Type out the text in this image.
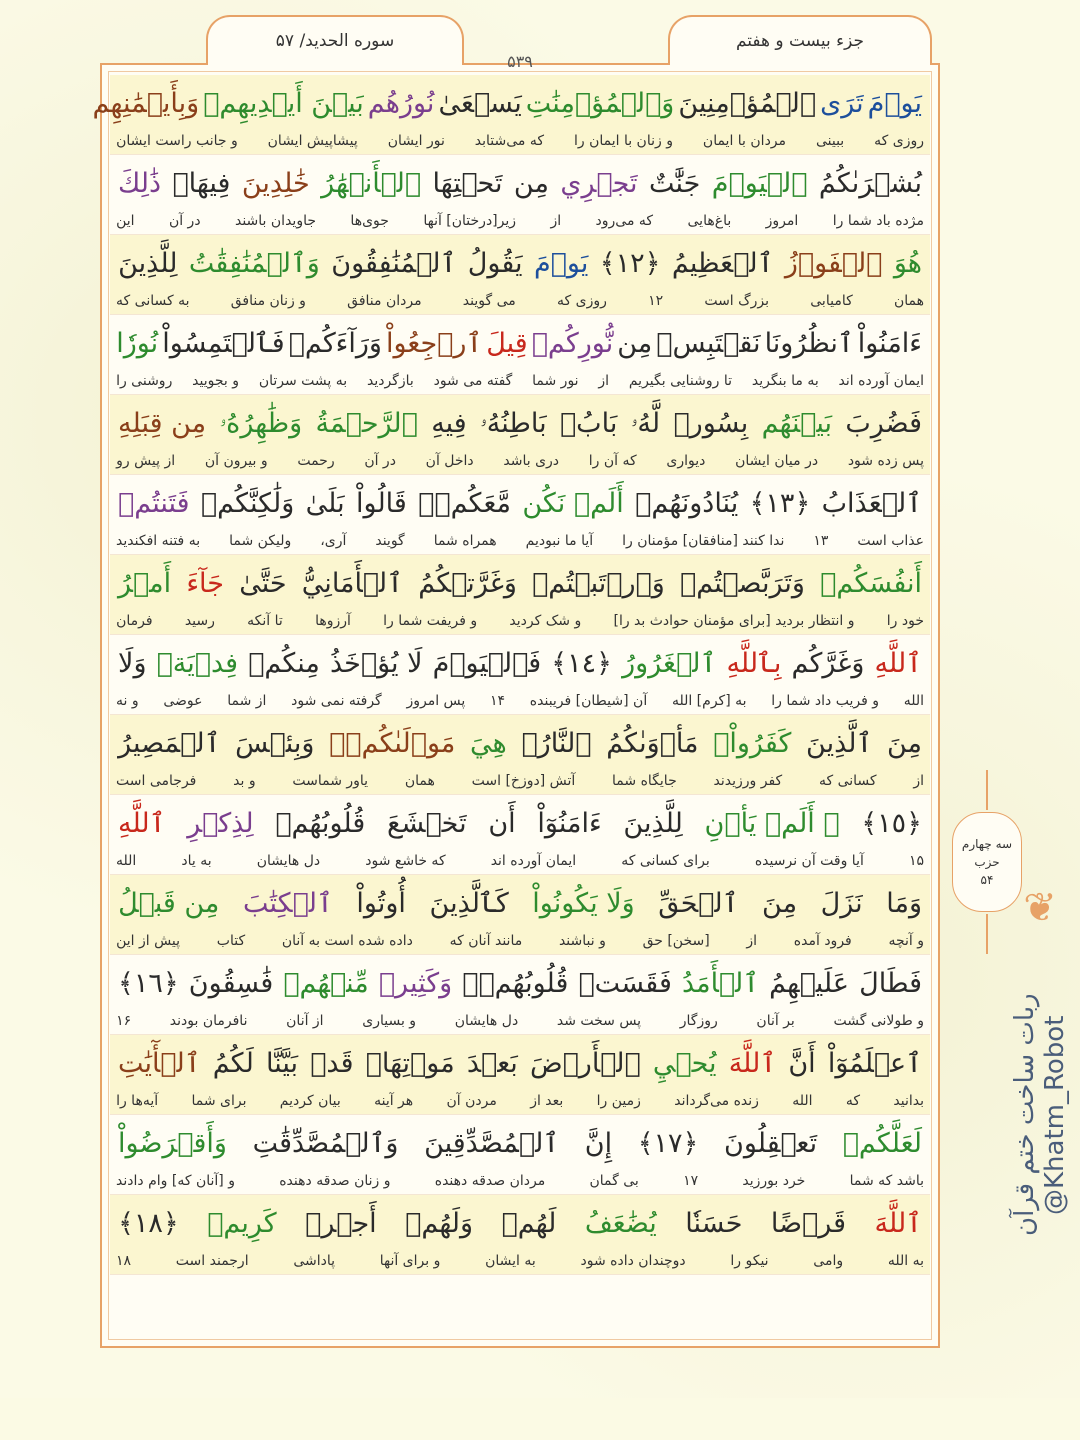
جزء بیست و هفتم
سوره الحدید/ ۵۷
۵۳۹
يَوۡمَ
تَرَى
ٱلۡمُؤۡمِنِينَ
وَٱلۡمُؤۡمِنَٰتِ
يَسۡعَىٰ
نُورُهُم
بَيۡنَ أَيۡدِيهِمۡ
وَبِأَيۡمَٰنِهِم
روزی که
ببینی
مردان با ایمان
و زنان با ایمان را
که می‌شتابد
نور ایشان
پیشاپیش ایشان
و جانب راست ایشان
بُشۡرَىٰكُمُ
ٱلۡيَوۡمَ
جَنَّٰتٌ
تَجۡرِي
مِن
تَحۡتِهَا
ٱلۡأَنۡهَٰرُ
خَٰلِدِينَ
فِيهَاۚ
ذَٰلِكَ
مژده باد شما را
امروز
باغ‌هایی
که می‌رود
از
زیر[درختان] آنها
جوی‌ها
جاویدان باشند
در آن
این
هُوَ
ٱلۡفَوۡزُ
ٱلۡعَظِيمُ
﴿١٢﴾
يَوۡمَ
يَقُولُ
ٱلۡمُنَٰفِقُونَ
وَٱلۡمُنَٰفِقَٰتُ
لِلَّذِينَ
همان
کامیابی
بزرگ است
۱۲
روزی که
می گویند
مردان منافق
و زنان منافق
به کسانی که
ءَامَنُواْ
ٱنظُرُونَا
نَقۡتَبِسۡ
مِن
نُّورِكُمۡ
قِيلَ
ٱرۡجِعُواْ
وَرَآءَكُمۡ
فَٱلۡتَمِسُواْ
نُورٗا
ایمان آورده اند
به ما بنگرید
تا روشنایی بگیریم
از
نور شما
گفته می شود
بازگردید
به پشت سرتان
و بجویید
روشنی را
فَضُرِبَ
بَيۡنَهُم
بِسُورٖ
لَّهُۥ
بَابُۢ
بَاطِنُهُۥ
فِيهِ
ٱلرَّحۡمَةُ
وَظَٰهِرُهُۥ
مِن قِبَلِهِ
پس زده شود
در میان ایشان
دیواری
که آن را
دری باشد
داخل آن
در آن
رحمت
و بیرون آن
از پیش رو
ٱلۡعَذَابُ
﴿١٣﴾
يُنَادُونَهُمۡ
أَلَمۡ نَكُن
مَّعَكُمۡۖ
قَالُواْ
بَلَىٰ
وَلَٰكِنَّكُمۡ
فَتَنتُمۡ
عذاب است
۱۳
ندا کنند [منافقان] مؤمنان را
آیا ما نبودیم
همراه شما
گویند
آری،
ولیکن شما
به فتنه افکندید
أَنفُسَكُمۡ
وَتَرَبَّصۡتُمۡ
وَٱرۡتَبۡتُمۡ
وَغَرَّتۡكُمُ
ٱلۡأَمَانِيُّ
حَتَّىٰ
جَآءَ
أَمۡرُ
خود را
و انتظار بردید [برای مؤمنان حوادث بد را]
و شک کردید
و فریفت شما را
آرزوها
تا آنکه
رسید
فرمان
ٱللَّهِ
وَغَرَّكُم
بِٱللَّهِ
ٱلۡغَرُورُ
﴿١٤﴾
فَٱلۡيَوۡمَ
لَا يُؤۡخَذُ
مِنكُمۡ
فِدۡيَةٞ
وَلَا
الله
و فریب داد شما را
به [کرم] الله
آن [شیطان] فریبنده
۱۴
پس امروز
گرفته نمی شود
از شما
عوضی
و نه
مِنَ
ٱلَّذِينَ
كَفَرُواْۚ
مَأۡوَىٰكُمُ
ٱلنَّارُۖ
هِيَ
مَوۡلَىٰكُمۡۖ
وَبِئۡسَ
ٱلۡمَصِيرُ
از
کسانی که
کفر ورزیدند
جایگاه شما
آتش [دوزخ] است
همان
یاور شماست
و بد
فرجامی است
﴿١٥﴾
۞ أَلَمۡ يَأۡنِ
لِلَّذِينَ
ءَامَنُوٓاْ
أَن
تَخۡشَعَ
قُلُوبُهُمۡ
لِذِكۡرِ
ٱللَّهِ
۱۵
آیا وقت آن نرسیده
برای کسانی که
ایمان آورده اند
که خاشع شود
دل هایشان
به یاد
الله
وَمَا
نَزَلَ
مِنَ
ٱلۡحَقِّ
وَلَا يَكُونُواْ
كَٱلَّذِينَ
أُوتُواْ
ٱلۡكِتَٰبَ
مِن قَبۡلُ
و آنچه
فرود آمده
از
[سخن] حق
و نباشند
مانند آنان که
داده شده است به آنان
کتاب
پیش از این
فَطَالَ
عَلَيۡهِمُ
ٱلۡأَمَدُ
فَقَسَتۡ
قُلُوبُهُمۡۖ
وَكَثِيرٞ
مِّنۡهُمۡ
فَٰسِقُونَ
﴿١٦﴾
و طولانی گشت
بر آنان
روزگار
پس سخت شد
دل هایشان
و بسیاری
از آنان
نافرمان بودند
۱۶
ٱعۡلَمُوٓاْ
أَنَّ
ٱللَّهَ
يُحۡيِ
ٱلۡأَرۡضَ
بَعۡدَ
مَوۡتِهَاۚ
قَدۡ
بَيَّنَّا
لَكُمُ
ٱلۡأٓيَٰتِ
بدانید
که
الله
زنده می‌گرداند
زمین را
بعد از
مردن آن
هر آینه
بیان کردیم
برای شما
آیه‌ها را
لَعَلَّكُمۡ
تَعۡقِلُونَ
﴿١٧﴾
إِنَّ
ٱلۡمُصَّدِّقِينَ
وَٱلۡمُصَّدِّقَٰتِ
وَأَقۡرَضُواْ
باشد که شما
خرد بورزید
۱۷
بی گمان
مردان صدقه دهنده
و زنان صدقه دهنده
و [آنان که] وام دادند
ٱللَّهَ
قَرۡضًا
حَسَنٗا
يُضَٰعَفُ
لَهُمۡ
وَلَهُمۡ
أَجۡرٞ
كَرِيمٞ
﴿١٨﴾
به الله
وامی
نیکو را
دوچندان داده شود
به ایشان
و برای آنها
پاداشی
ارجمند است
۱۸
سه چهارم
حزب
۵۴
❦
ربات ساخت ختم قرآن
@Khatm_Robot
